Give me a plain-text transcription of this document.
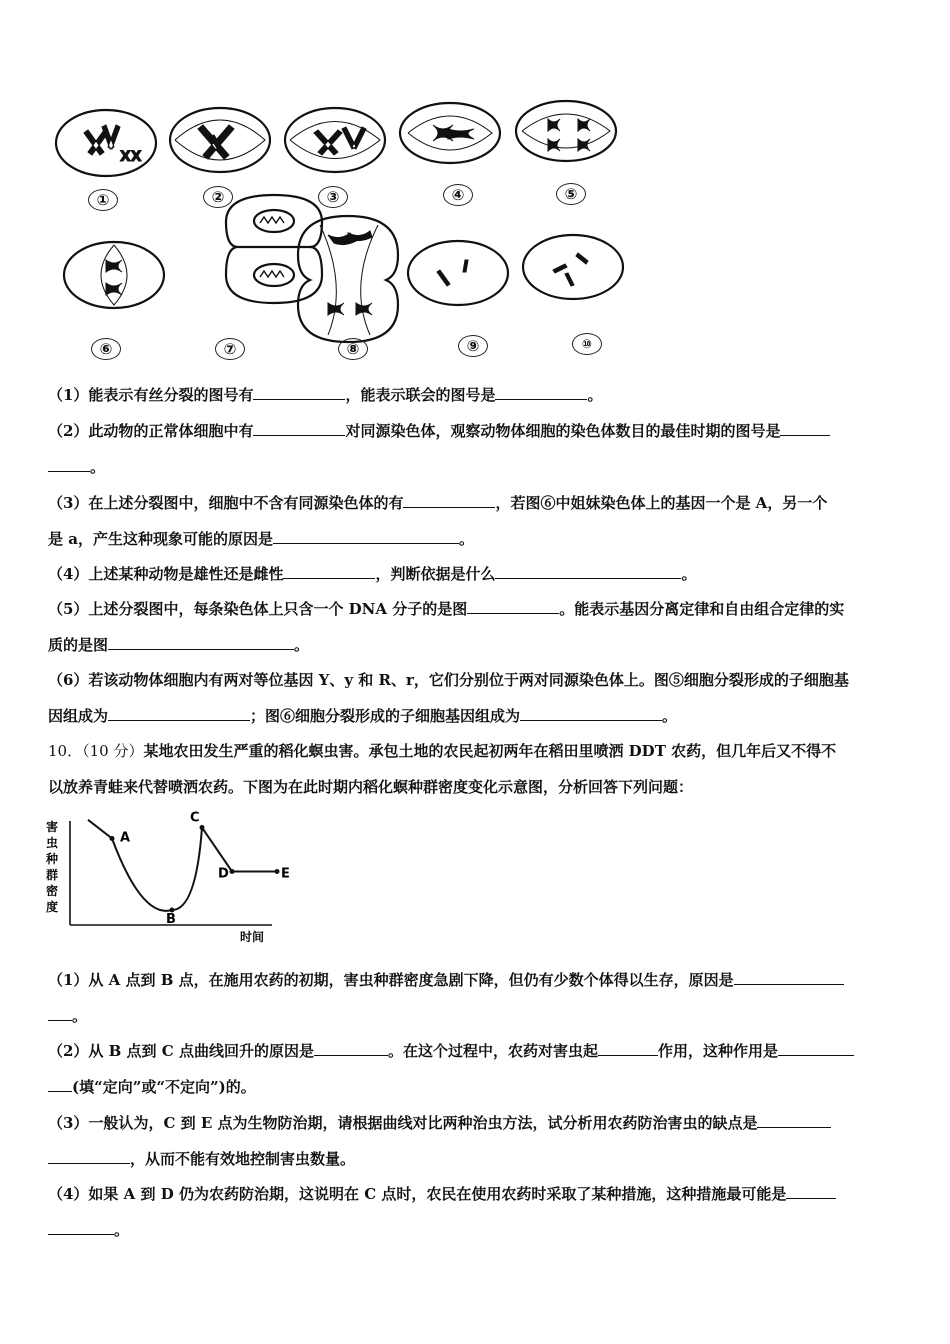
XX
①	②	③	④	⑤
⑥	⑦	⑧	⑨	⑩
（1）能表示有丝分裂的图号有	，能表示联会的图号是	。
（2）此动物的正常体细胞中有	对同源染色体，观察动物体细胞的染色体数目的最佳时期的图号是
。
（3）在上述分裂图中，细胞中不含有同源染色体的有	，若图⑥中姐妹染色体上的基因一个是 A，另一个
是 a，产生这种现象可能的原因是	。
（4）上述某种动物是雄性还是雌性	，判断依据是什么	。
（5）上述分裂图中，每条染色体上只含一个 DNA 分子的是图	。能表示基因分离定律和自由组合定律的实
质的是图	。
（6）若该动物体细胞内有两对等位基因 Y、y 和 R、r，它们分别位于两对同源染色体上。图⑤细胞分裂形成的子细胞基
因组成为	；图⑥细胞分裂形成的子细胞基因组成为	。
10．（10 分）某地农田发生严重的稻化螟虫害。承包土地的农民起初两年在稻田里喷洒 DDT 农药，但几年后又不得不
以放养青蛙来代替喷洒农药。下图为在此时期内稻化螟种群密度变化示意图，分析回答下列问题：
害
虫
种
群
密
度
时间
A
B
C
D	E
（1）从 A 点到 B 点，在施用农药的初期，害虫种群密度急剧下降，但仍有少数个体得以生存，原因是
。
（2）从 B 点到 C 点曲线回升的原因是	。在这个过程中，农药对害虫起	作用，这种作用是
(填“定向”或“不定向”)的。
（3）一般认为，C 到 E 点为生物防治期，请根据曲线对比两种治虫方法，试分析用农药防治害虫的缺点是
，从而不能有效地控制害虫数量。
（4）如果 A 到 D 仍为农药防治期，这说明在 C 点时，农民在使用农药时采取了某种措施，这种措施最可能是
。
